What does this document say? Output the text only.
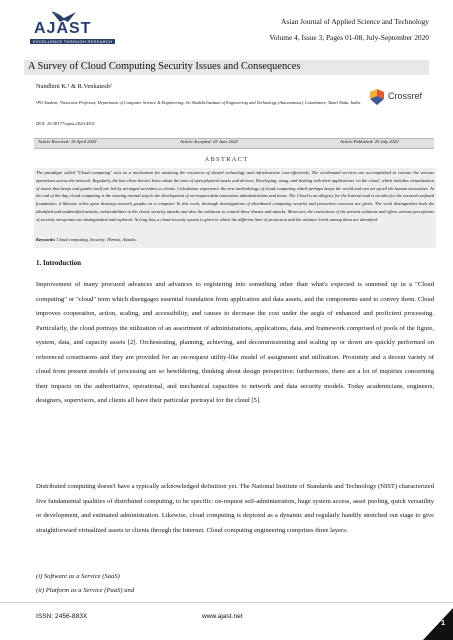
AJAST
EXCELLENCE THROUGH RESEARCH
Asian Journal of Applied Science and Technology
Volume 4, Issue 3, Pages 01-08, July-September 2020
A Survey of Cloud Computing Security Issues and Consequences
Nandhini K.¹ & R.Venkatesh²
¹PG Student, ²Associate Professor, Department of Computer Science & Engineering, Sri Shakthi Institute of Engineering and Technology (Autonomous), Coimbatore, Tamil Nadu, India.
DOI: 10.38177/ajast.2020.4301
Crossref
Article Received: 16 April 2020	Article Accepted: 05 June 2020	Article Published: 20 July 2020
ABSTRACT
The paradigm called "Cloud computing" acts as a mechanism for attaining the resources of shared technology and infrastructure cost-effectively. The on-demand services are accomplished to execute the various operations across the network. Regularly, the last client doesn't know about the area of open physical assets and devices. Developing, using, and dealing with their applications 'on the cloud', which includes virtualization of assets that keeps and guides itself are led by arranged activities to clients. Calculation experience the new methodology of cloud computing which perhaps keeps the world and can set up all the human necessities. At the end of the day, cloud computing is the ensuing normal step in the development of on-request data innovation administrations and items. The Cloud is an allegory for the Internet and is an idea for the secured confused foundation; it likewise relies upon drawing network graphs on a computer. In this work, thorough investigations of distributed computing security and protection concerns are given. The work distinguishes both the identified and unidentified attacks, vulnerabilities in the cloud, security attacks and also the solutions to control these threats and attacks. Moreover, the restrictions of the present solutions and offers various perceptions of security viewpoints are distinguished and explored. At long last, a cloud security system is given in which the different lines of protection and the reliance levels among them are identified.
Keywords: Cloud computing, Security, Threats, Attacks.
1. Introduction
Improvement of many procured advances and advances to registering into something other than what's expected is summed up in a "Cloud computing" or "cloud" term which disengages essential foundation from application and data assets, and the components used to convey them. Cloud improves cooperation, action, scaling, and accessibility, and causes to decrease the cost under the aegis of enhanced and proficient processing. Particularly, the cloud portrays the utilization of an assortment of administrations, applications, data, and framework comprised of pools of the figure, system, data, and capacity assets [2]. Orchestrating, planning, achieving, and decommissioning and scaling up or down are quickly performed on referenced constituents and they are provided for an on-request utility-like model of assignment and utilization. Proximity and a decent variety of cloud from present models of processing are so bewildering, thinking about design perspective; furthermore, there are a lot of inquiries concerning their impacts on the authoritative, operational, and mechanical capacities to network and data security models. Today academicians, engineers, designers, supervisors, and clients all have their particular portrayal for the cloud [5].
Distributed computing doesn't have a typically acknowledged definition yet. The National Institute of Standards and Technology (NIST) characterized five fundamental qualities of distributed computing, to be specific: on-request self-administration, huge system access, asset pooling, quick versatility or development, and estimated administration. Likewise, cloud computing is depicted as a dynamic and regularly handily stretched out stage to give straightforward virtualized assets to clients through the Internet. Cloud computing engineering comprises three layers:
(i) Software as a Service (SaaS)
(ii) Platform as a Service (PaaS) and
ISSN: 2456-883X	www.ajast.net
1
